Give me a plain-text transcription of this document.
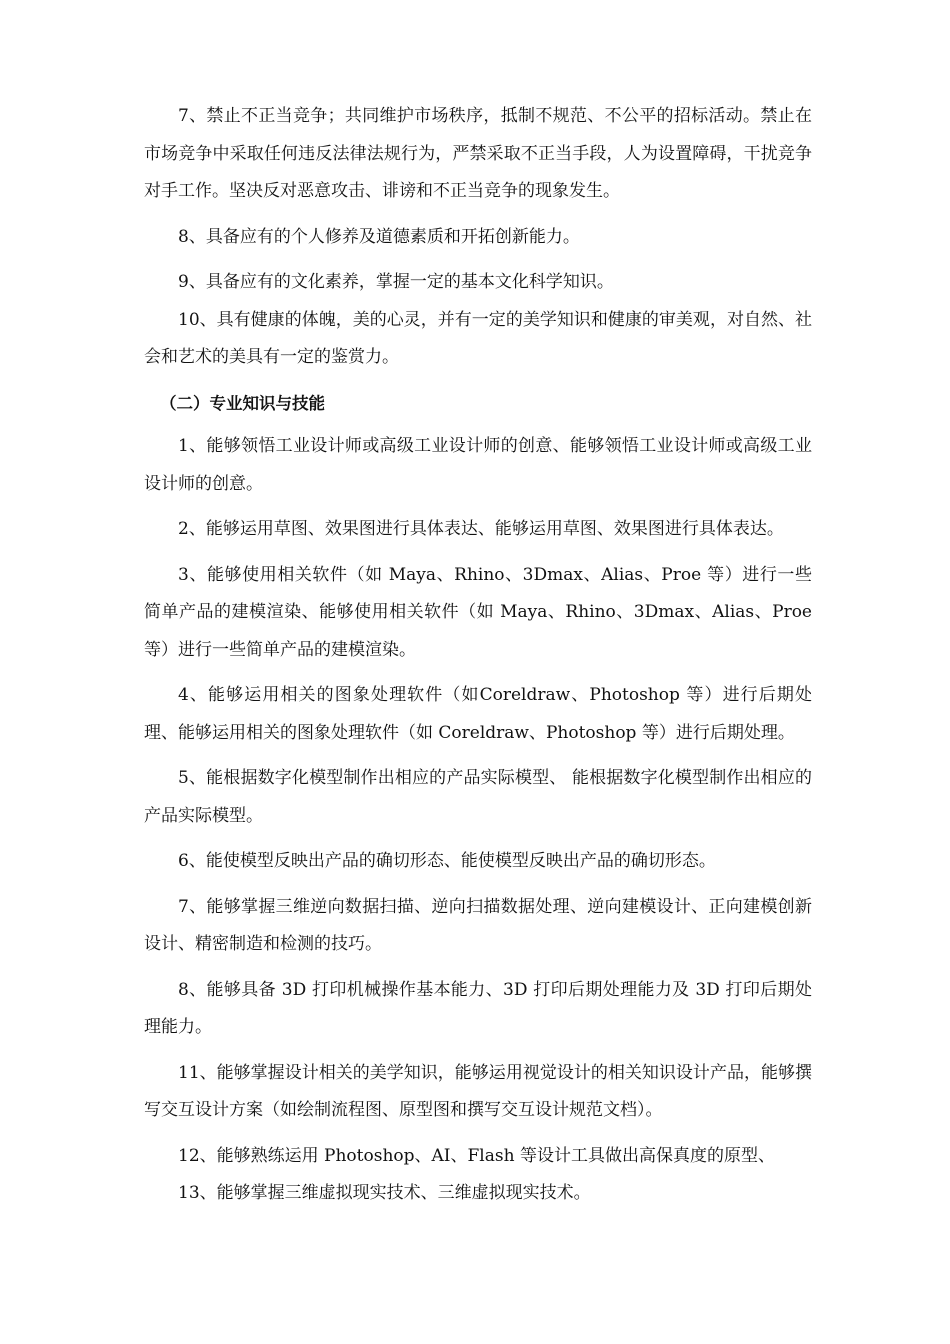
7、禁止不正当竞争；共同维护市场秩序，抵制不规范、不公平的招标活动。禁止在市场竞争中采取任何违反法律法规行为，严禁采取不正当手段，人为设置障碍，干扰竞争对手工作。坚决反对恶意攻击、诽谤和不正当竞争的现象发生。

8、具备应有的个人修养及道德素质和开拓创新能力。

9、具备应有的文化素养，掌握一定的基本文化科学知识。

10、具有健康的体魄，美的心灵，并有一定的美学知识和健康的审美观，对自然、社会和艺术的美具有一定的鉴赏力。

（二）专业知识与技能

1、能够领悟工业设计师或高级工业设计师的创意、能够领悟工业设计师或高级工业设计师的创意。

2、能够运用草图、效果图进行具体表达、能够运用草图、效果图进行具体表达。

3、能够使用相关软件（如 Maya、Rhino、3Dmax、Alias、Proe 等）进行一些简单产品的建模渲染、能够使用相关软件（如 Maya、Rhino、3Dmax、Alias、Proe 等）进行一些简单产品的建模渲染。

4、能够运用相关的图象处理软件（如Coreldraw、Photoshop 等）进行后期处理、能够运用相关的图象处理软件（如 Coreldraw、Photoshop 等）进行后期处理。

5、能根据数字化模型制作出相应的产品实际模型、 能根据数字化模型制作出相应的产品实际模型。

6、能使模型反映出产品的确切形态、能使模型反映出产品的确切形态。

7、能够掌握三维逆向数据扫描、逆向扫描数据处理、逆向建模设计、正向建模创新设计、精密制造和检测的技巧。

8、能够具备 3D 打印机械操作基本能力、3D 打印后期处理能力及 3D 打印后期处理能力。

11、能够掌握设计相关的美学知识，能够运用视觉设计的相关知识设计产品，能够撰写交互设计方案（如绘制流程图、原型图和撰写交互设计规范文档）。

12、能够熟练运用 Photoshop、AI、Flash 等设计工具做出高保真度的原型、

13、能够掌握三维虚拟现实技术、三维虚拟现实技术。
